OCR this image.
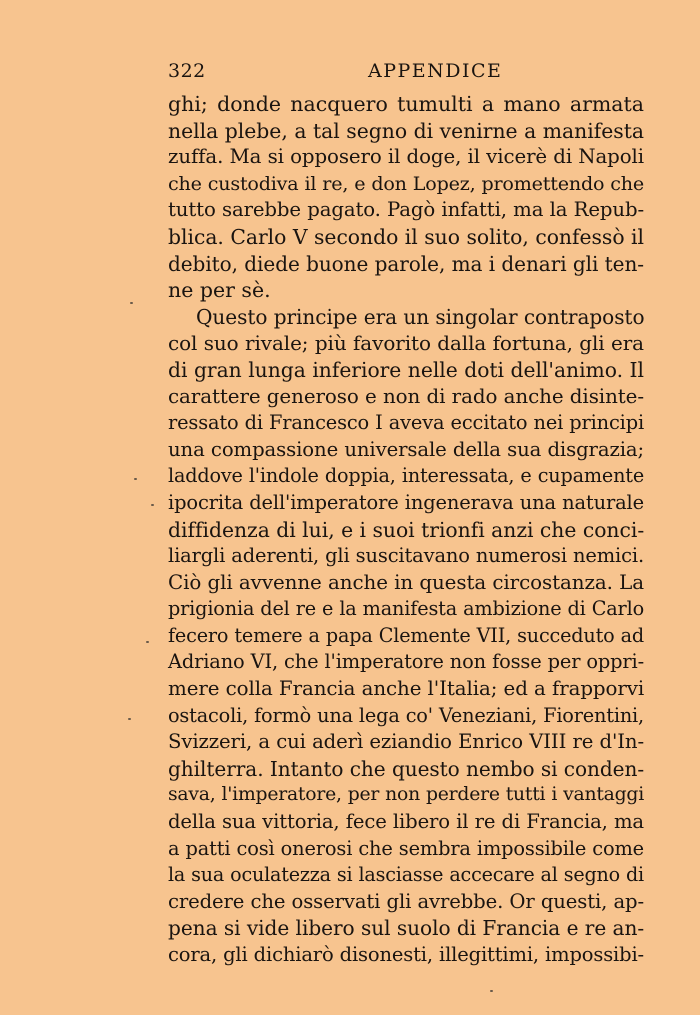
322	APPENDICE
ghi; donde nacquero tumulti a mano armata
nella plebe, a tal segno di venirne a manifesta
zuffa. Ma si opposero il doge, il vicerè di Napoli
che custodiva il re, e don Lopez, promettendo che
tutto sarebbe pagato. Pagò infatti, ma la Repub-
blica. Carlo V secondo il suo solito, confessò il
debito, diede buone parole, ma i denari gli ten-
ne per sè.
Questo principe era un singolar contraposto
col suo rivale; più favorito dalla fortuna, gli era
di gran lunga inferiore nelle doti dell'animo. Il
carattere generoso e non di rado anche disinte-
ressato di Francesco I aveva eccitato nei principi
una compassione universale della sua disgrazia;
laddove l'indole doppia, interessata, e cupamente
ipocrita dell'imperatore ingenerava una naturale
diffidenza di lui, e i suoi trionfi anzi che conci-
liargli aderenti, gli suscitavano numerosi nemici.
Ciò gli avvenne anche in questa circostanza. La
prigionia del re e la manifesta ambizione di Carlo
fecero temere a papa Clemente VII, succeduto ad
Adriano VI, che l'imperatore non fosse per oppri-
mere colla Francia anche l'Italia; ed a frapporvi
ostacoli, formò una lega co' Veneziani, Fiorentini,
Svizzeri, a cui aderì eziandio Enrico VIII re d'In-
ghilterra. Intanto che questo nembo si conden-
sava, l'imperatore, per non perdere tutti i vantaggi
della sua vittoria, fece libero il re di Francia, ma
a patti così onerosi che sembra impossibile come
la sua oculatezza si lasciasse accecare al segno di
credere che osservati gli avrebbe. Or questi, ap-
pena si vide libero sul suolo di Francia e re an-
cora, gli dichiarò disonesti, illegittimi, impossibi-
